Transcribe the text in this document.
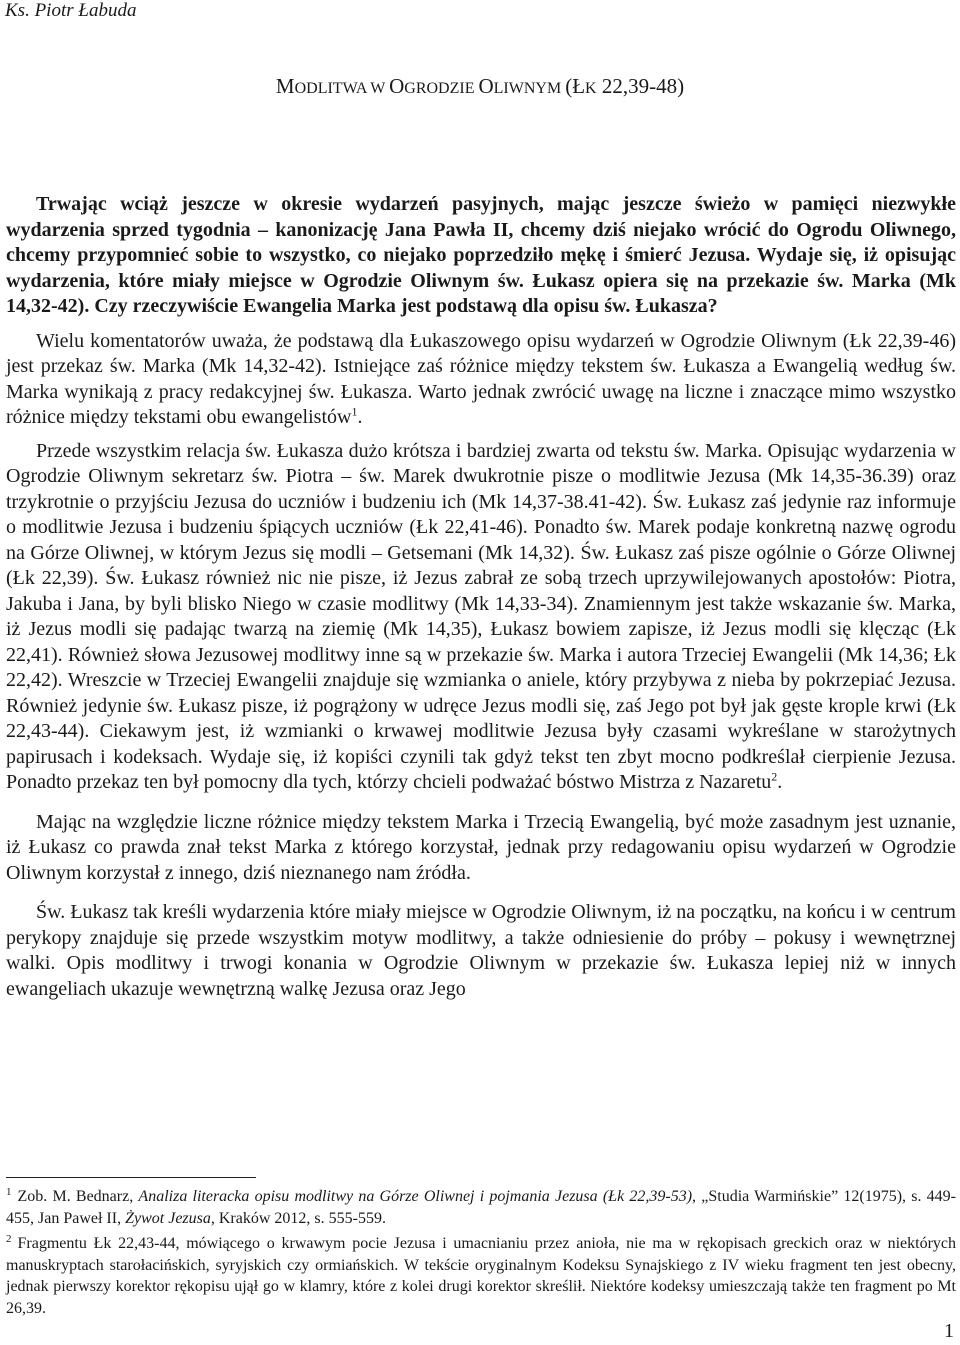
Ks. Piotr Łabuda
MODLITWA W OGRODZIE OLIWNYM (ŁK 22,39-48)

Trwając wciąż jeszcze w okresie wydarzeń pasyjnych, mając jeszcze świeżo w pamięci niezwykłe wydarzenia sprzed tygodnia – kanonizację Jana Pawła II, chcemy dziś niejako wrócić do Ogrodu Oliwnego, chcemy przypomnieć sobie to wszystko, co niejako poprzedziło mękę i śmierć Jezusa. Wydaje się, iż opisując wydarzenia, które miały miejsce w Ogrodzie Oliwnym św. Łukasz opiera się na przekazie św. Marka (Mk 14,32-42). Czy rzeczywiście Ewangelia Marka jest podstawą dla opisu św. Łukasza?

Wielu komentatorów uważa, że podstawą dla Łukaszowego opisu wydarzeń w Ogrodzie Oliwnym (Łk 22,39-46) jest przekaz św. Marka (Mk 14,32-42). Istniejące zaś różnice między tekstem św. Łukasza a Ewangelią według św. Marka wynikają z pracy redakcyjnej św. Łukasza. Warto jednak zwrócić uwagę na liczne i znaczące mimo wszystko różnice między tekstami obu ewangelistów$^1$.

Przede wszystkim relacja św. Łukasza dużo krótsza i bardziej zwarta od tekstu św. Marka. Opisując wydarzenia w Ogrodzie Oliwnym sekretarz św. Piotra – św. Marek dwukrotnie pisze o modlitwie Jezusa (Mk 14,35-36.39) oraz trzykrotnie o przyjściu Jezusa do uczniów i budzeniu ich (Mk 14,37-38.41-42). Św. Łukasz zaś jedynie raz informuje o modlitwie Jezusa i budzeniu śpiących uczniów (Łk 22,41-46). Ponadto św. Marek podaje konkretną nazwę ogrodu na Górze Oliwnej, w którym Jezus się modli – Getsemani (Mk 14,32). Św. Łukasz zaś pisze ogólnie o Górze Oliwnej (Łk 22,39). Św. Łukasz również nic nie pisze, iż Jezus zabrał ze sobą trzech uprzywilejowanych apostołów: Piotra, Jakuba i Jana, by byli blisko Niego w czasie modlitwy (Mk 14,33-34). Znamiennym jest także wskazanie św. Marka, iż Jezus modli się padając twarzą na ziemię (Mk 14,35), Łukasz bowiem zapisze, iż Jezus modli się klęcząc (Łk 22,41). Również słowa Jezusowej modlitwy inne są w przekazie św. Marka i autora Trzeciej Ewangelii (Mk 14,36; Łk 22,42). Wreszcie w Trzeciej Ewangelii znajduje się wzmianka o aniele, który przybywa z nieba by pokrzepiać Jezusa. Również jedynie św. Łukasz pisze, iż pogrążony w udręce Jezus modli się, zaś Jego pot był jak gęste krople krwi (Łk 22,43-44). Ciekawym jest, iż wzmianki o krwawej modlitwie Jezusa były czasami wykreślane w starożytnych papirusach i kodeksach. Wydaje się, iż kopiści czynili tak gdyż tekst ten zbyt mocno podkreślał cierpienie Jezusa. Ponadto przekaz ten był pomocny dla tych, którzy chcieli podważać bóstwo Mistrza z Nazaretu$^2$.

Mając na względzie liczne różnice między tekstem Marka i Trzecią Ewangelią, być może zasadnym jest uznanie, iż Łukasz co prawda znał tekst Marka z którego korzystał, jednak przy redagowaniu opisu wydarzeń w Ogrodzie Oliwnym korzystał z innego, dziś nieznanego nam źródła.

Św. Łukasz tak kreśli wydarzenia które miały miejsce w Ogrodzie Oliwnym, iż na początku, na końcu i w centrum perykopy znajduje się przede wszystkim motyw modlitwy, a także odniesienie do próby – pokusy i wewnętrznej walki. Opis modlitwy i trwogi konania w Ogrodzie Oliwnym w przekazie św. Łukasza lepiej niż w innych ewangeliach ukazuje wewnętrzną walkę Jezusa oraz Jego

$^1$ Zob. M. Bednarz, Analiza literacka opisu modlitwy na Górze Oliwnej i pojmania Jezusa (Łk 22,39-53), „Studia Warmińskie” 12(1975), s. 449-455, Jan Paweł II, Żywot Jezusa, Kraków 2012, s. 555-559.

$^2$ Fragmentu Łk 22,43-44, mówiącego o krwawym pocie Jezusa i umacnianiu przez anioła, nie ma w rękopisach greckich oraz w niektórych manuskryptach starołacińskich, syryjskich czy ormiańskich. W tekście oryginalnym Kodeksu Synajskiego z IV wieku fragment ten jest obecny, jednak pierwszy korektor rękopisu ujął go w klamry, które z kolei drugi korektor skreślił. Niektóre kodeksy umieszczają także ten fragment po Mt 26,39.

1
